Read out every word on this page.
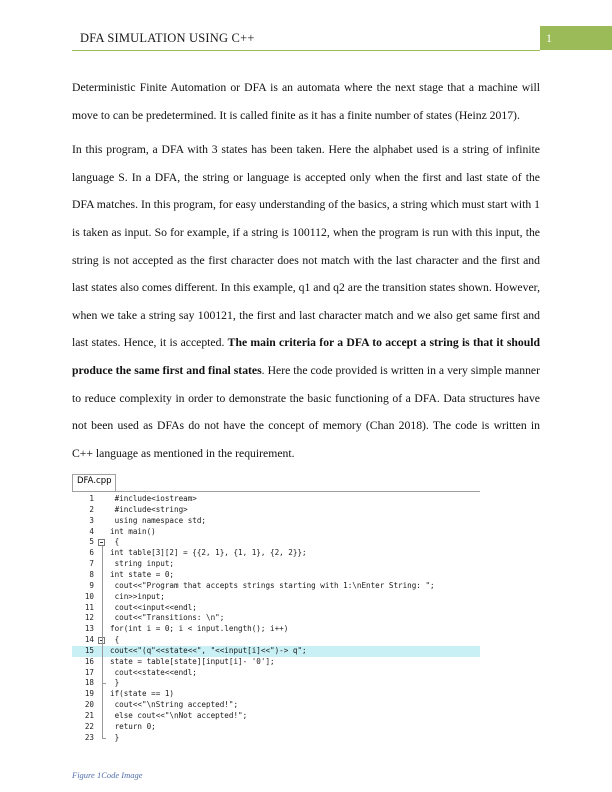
DFA SIMULATION USING C++	1

Deterministic Finite Automation or DFA is an automata where the next stage that a machine will move to can be predetermined. It is called finite as it has a finite number of states (Heinz 2017).

In this program, a DFA with 3 states has been taken. Here the alphabet used is a string of infinite language S. In a DFA, the string or language is accepted only when the first and last state of the DFA matches. In this program, for easy understanding of the basics, a string which must start with 1 is taken as input. So for example, if a string is 100112, when the program is run with this input, the string is not accepted as the first character does not match with the last character and the first and last states also comes different. In this example, q1 and q2 are the transition states shown. However, when we take a string say 100121, the first and last character match and we also get same first and last states. Hence, it is accepted. The main criteria for a DFA to accept a string is that it should produce the same first and final states. Here the code provided is written in a very simple manner to reduce complexity in order to demonstrate the basic functioning of a DFA. Data structures have not been used as DFAs do not have the concept of memory (Chan 2018). The code is written in C++ language as mentioned in the requirement.

DFA.cpp
1 #include<iostream>
2 #include<string>
3 using namespace std;
4 int main()
5 {
6 int table[3][2] = {{2, 1}, {1, 1}, {2, 2}};
7 string input;
8 int state = 0;
9 cout<<"Program that accepts strings starting with 1:\nEnter String: ";
10 cin>>input;
11 cout<<input<<endl;
12 cout<<"Transitions: \n";
13 for(int i = 0; i < input.length(); i++)
14 {
15 cout<<"(q"<<state<<", "<<input[i]<<")-> q";
16 state = table[state][input[i]- '0'];
17 cout<<state<<endl;
18 }
19 if(state == 1)
20 cout<<"\nString accepted!";
21 else cout<<"\nNot accepted!";
22 return 0;
23 }
Figure 1Code Image
